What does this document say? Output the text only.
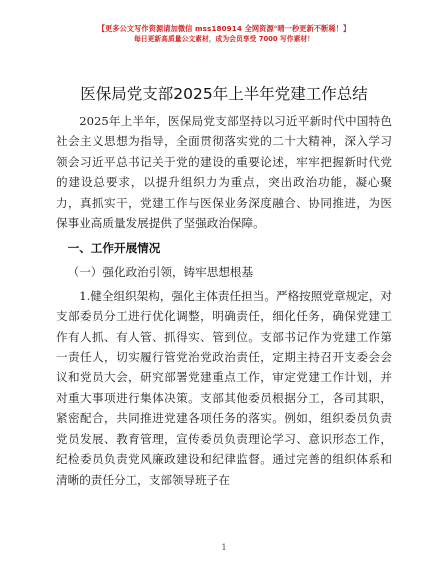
【更多公文写作资源请加微信 mss180914 全网资源°晴一秒更新不断稀！】
每日更新高质量公文素材，成为会员享受 7000 写作素材！
医保局党支部2025年上半年党建工作总结

2025年上半年，医保局党支部坚持以习近平新时代中国特色社会主义思想为指导，全面贯彻落实党的二十大精神，深入学习领会习近平总书记关于党的建设的重要论述，牢牢把握新时代党的建设总要求，以提升组织力为重点，突出政治功能，凝心聚力，真抓实干，党建工作与医保业务深度融合、协同推进，为医保事业高质量发展提供了坚强政治保障。

一、工作开展情况
（一）强化政治引领，铸牢思想根基

1.健全组织架构，强化主体责任担当。严格按照党章规定，对支部委员分工进行优化调整，明确责任，细化任务，确保党建工作有人抓、有人管、抓得实、管到位。支部书记作为党建工作第一责任人，切实履行管党治党政治责任，定期主持召开支委会会议和党员大会，研究部署党建重点工作，审定党建工作计划，并对重大事项进行集体决策。支部其他委员根据分工，各司其职，紧密配合，共同推进党建各项任务的落实。例如，组织委员负责党员发展、教育管理，宣传委员负责理论学习、意识形态工作，纪检委员负责党风廉政建设和纪律监督。通过完善的组织体系和清晰的责任分工，支部领导班子在

1
